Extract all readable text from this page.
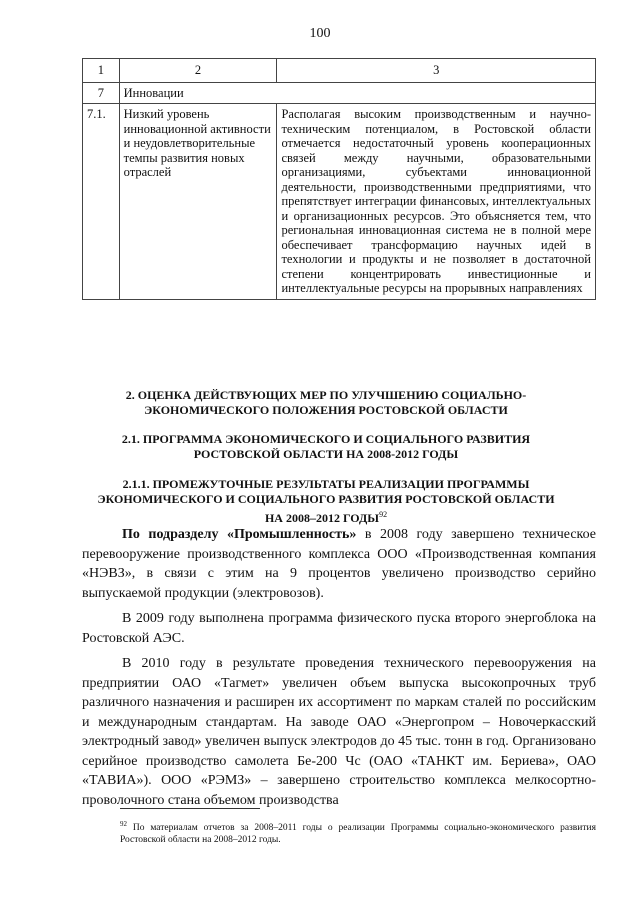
100
1	2	3
7	Инновации	
7.1.	Низкий уровень инновационной активности и неудовлетворительные темпы развития новых отраслей	Располагая высоким производственным и научно-техническим потенциалом, в Ростовской области отмечается недостаточный уровень кооперационных связей между научными, образовательными организациями, субъектами инновационной деятельности, производственными предприятиями, что препятствует интеграции финансовых, интеллектуальных и организационных ресурсов. Это объясняется тем, что региональная инновационная система не в полной мере обеспечивает трансформацию научных идей в технологии и продукты и не позволяет в достаточной степени концентрировать инвестиционные и интеллектуальные ресурсы на прорывных направлениях

2. ОЦЕНКА ДЕЙСТВУЮЩИХ МЕР ПО УЛУЧШЕНИЮ СОЦИАЛЬНО-ЭКОНОМИЧЕСКОГО ПОЛОЖЕНИЯ РОСТОВСКОЙ ОБЛАСТИ
2.1. ПРОГРАММА ЭКОНОМИЧЕСКОГО И СОЦИАЛЬНОГО РАЗВИТИЯ РОСТОВСКОЙ ОБЛАСТИ НА 2008-2012 ГОДЫ
2.1.1. ПРОМЕЖУТОЧНЫЕ РЕЗУЛЬТАТЫ РЕАЛИЗАЦИИ ПРОГРАММЫ ЭКОНОМИЧЕСКОГО И СОЦИАЛЬНОГО РАЗВИТИЯ РОСТОВСКОЙ ОБЛАСТИ НА 2008–2012 ГОДЫ$^{92}$

По подразделу «Промышленность» в 2008 году завершено техническое перевооружение производственного комплекса ООО «Производственная компания «НЭВЗ», в связи с этим на 9 процентов увеличено производство серийно выпускаемой продукции (электровозов).

В 2009 году выполнена программа физического пуска второго энергоблока на Ростовской АЭС.

В 2010 году в результате проведения технического перевооружения на предприятии ОАО «Тагмет» увеличен объем выпуска высокопрочных труб различного назначения и расширен их ассортимент по маркам сталей по российским и международным стандартам. На заводе ОАО «Энергопром – Новочеркасский электродный завод» увеличен выпуск электродов до 45 тыс. тонн в год. Организовано серийное производство самолета Бе-200 Чс (ОАО «ТАНКТ им. Бериева», ОАО «ТАВИА»). ООО «РЭМЗ» – завершено строительство комплекса мелкосортно-проволочного стана объемом производства

$^{92}$ По материалам отчетов за 2008–2011 годы о реализации Программы социально-экономического развития Ростовской области на 2008–2012 годы.
